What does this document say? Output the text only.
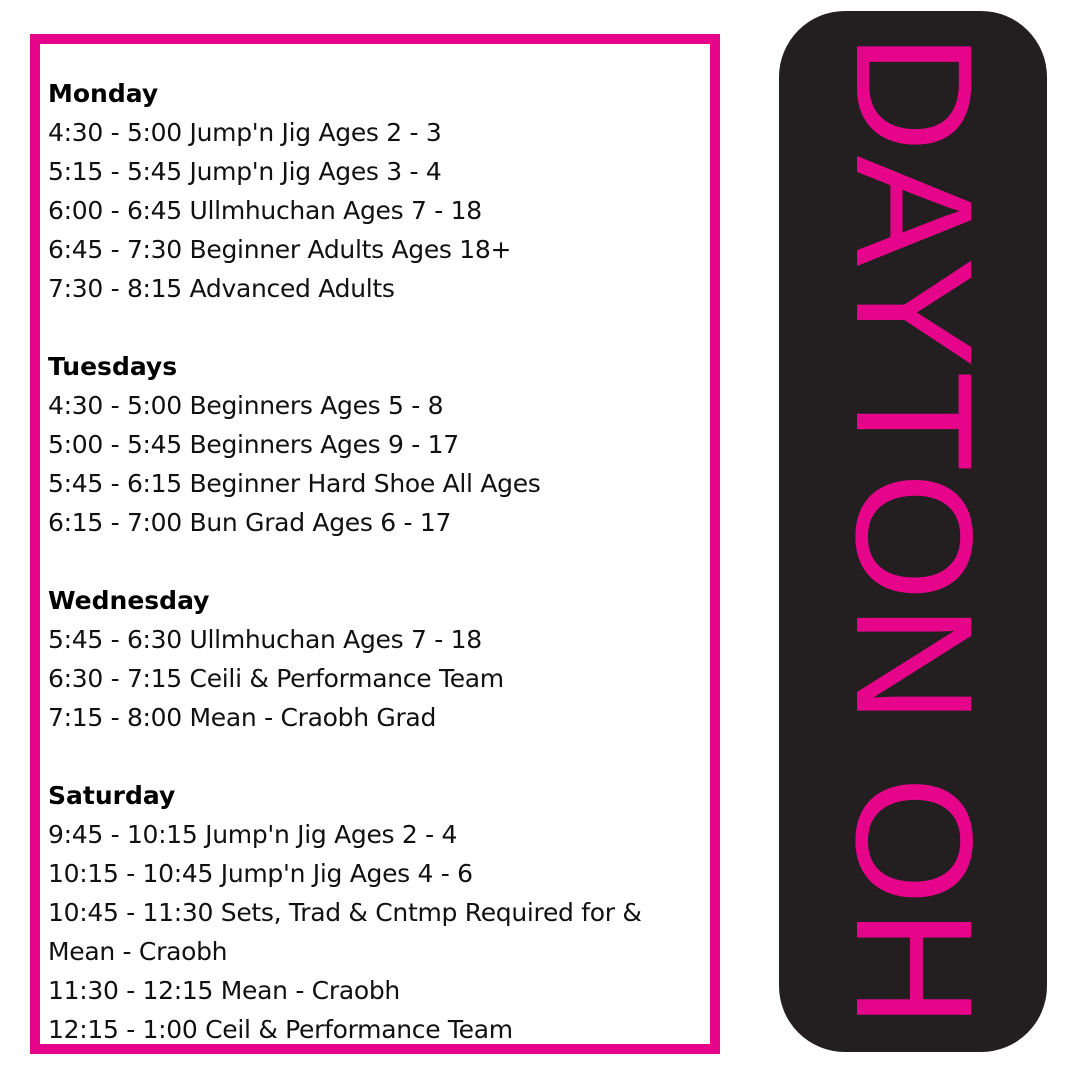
Monday
4:30 - 5:00 Jump'n Jig Ages 2 - 3
5:15 - 5:45 Jump'n Jig Ages 3 - 4
6:00 - 6:45 Ullmhuchan Ages 7 - 18
6:45 - 7:30 Beginner Adults Ages 18+
7:30 - 8:15 Advanced Adults
Tuesdays
4:30 - 5:00 Beginners Ages 5 - 8
5:00 - 5:45 Beginners Ages 9 - 17
5:45 - 6:15 Beginner Hard Shoe All Ages
6:15 - 7:00 Bun Grad Ages 6 - 17
Wednesday
5:45 - 6:30 Ullmhuchan Ages 7 - 18
6:30 - 7:15 Ceili & Performance Team
7:15 - 8:00 Mean - Craobh Grad
Saturday
9:45 - 10:15 Jump'n Jig Ages 2 - 4
10:15 - 10:45 Jump'n Jig Ages 4 - 6
10:45 - 11:30 Sets, Trad & Cntmp Required for &
Mean - Craobh
11:30 - 12:15 Mean - Craobh
12:15 - 1:00 Ceil & Performance Team	DAYTON OH
